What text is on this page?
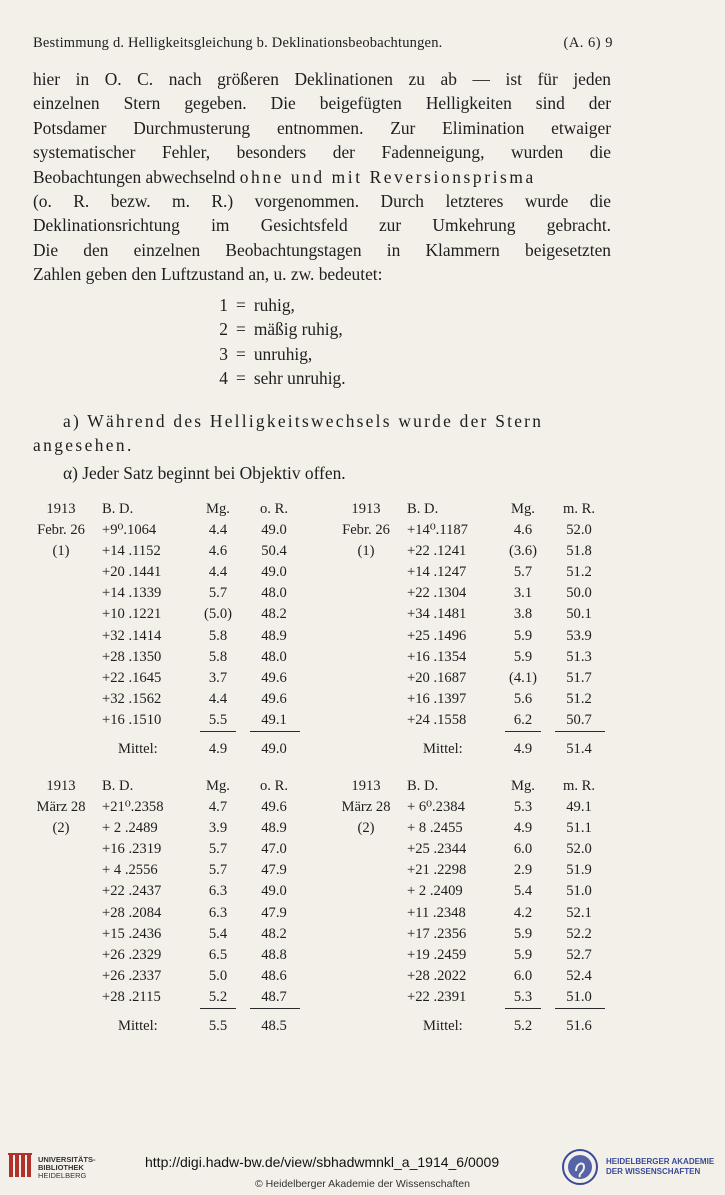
Bestimmung d. Helligkeitsgleichung b. Deklinationsbeobachtungen.	(A. 6) 9
hier in O. C. nach größeren Deklinationen zu ab — ist für jeden
einzelnen Stern gegeben. Die beigefügten Helligkeiten sind der
Potsdamer Durchmusterung entnommen. Zur Elimination etwaiger
systematischer Fehler, besonders der Fadenneigung, wurden die
Beobachtungen abwechselnd ohne und mit Reversionsprisma
(o. R. bezw. m. R.) vorgenommen. Durch letzteres wurde die
Deklinationsrichtung im Gesichtsfeld zur Umkehrung gebracht.
Die den einzelnen Beobachtungstagen in Klammern beigesetzten
Zahlen geben den Luftzustand an, u. zw. bedeutet:
1 = ruhig,
2 = mäßig ruhig,
3 = unruhig,
4 = sehr unruhig.
a) Während des Helligkeitswechsels wurde der Stern
angesehen.
α) Jeder Satz beginnt bei Objektiv offen.
1913	B. D.	Mg.	o. R.
Febr. 26	+9⁰.1064	4.4	49.0
(1)	+14 .1152	4.6	50.4
+20 .1441	4.4	49.0
+14 .1339	5.7	48.0
+10 .1221	(5.0)	48.2
+32 .1414	5.8	48.9
+28 .1350	5.8	48.0
+22 .1645	3.7	49.6
+32 .1562	4.4	49.6
+16 .1510	5.5	49.1
Mittel:	4.9	49.0
1913	B. D.	Mg.	m. R.
Febr. 26	+14⁰.1187	4.6	52.0
(1)	+22 .1241	(3.6)	51.8
+14 .1247	5.7	51.2
+22 .1304	3.1	50.0
+34 .1481	3.8	50.1
+25 .1496	5.9	53.9
+16 .1354	5.9	51.3
+20 .1687	(4.1)	51.7
+16 .1397	5.6	51.2
+24 .1558	6.2	50.7
Mittel:	4.9	51.4
1913	B. D.	Mg.	o. R.
März 28	+21⁰.2358	4.7	49.6
(2)	+ 2 .2489	3.9	48.9
+16 .2319	5.7	47.0
+ 4 .2556	5.7	47.9
+22 .2437	6.3	49.0
+28 .2084	6.3	47.9
+15 .2436	5.4	48.2
+26 .2329	6.5	48.8
+26 .2337	5.0	48.6
+28 .2115	5.2	48.7
Mittel:	5.5	48.5
1913	B. D.	Mg.	m. R.
März 28	+ 6⁰.2384	5.3	49.1
(2)	+ 8 .2455	4.9	51.1
+25 .2344	6.0	52.0
+21 .2298	2.9	51.9
+ 2 .2409	5.4	51.0
+11 .2348	4.2	52.1
+17 .2356	5.9	52.2
+19 .2459	5.9	52.7
+28 .2022	6.0	52.4
+22 .2391	5.3	51.0
Mittel:	5.2	51.6
UNIVERSITÄTS-
BIBLIOTHEK
HEIDELBERG
http://digi.hadw-bw.de/view/sbhadwmnkl_a_1914_6/0009
© Heidelberger Akademie der Wissenschaften
HEIDELBERGER AKADEMIE
DER WISSENSCHAFTEN
